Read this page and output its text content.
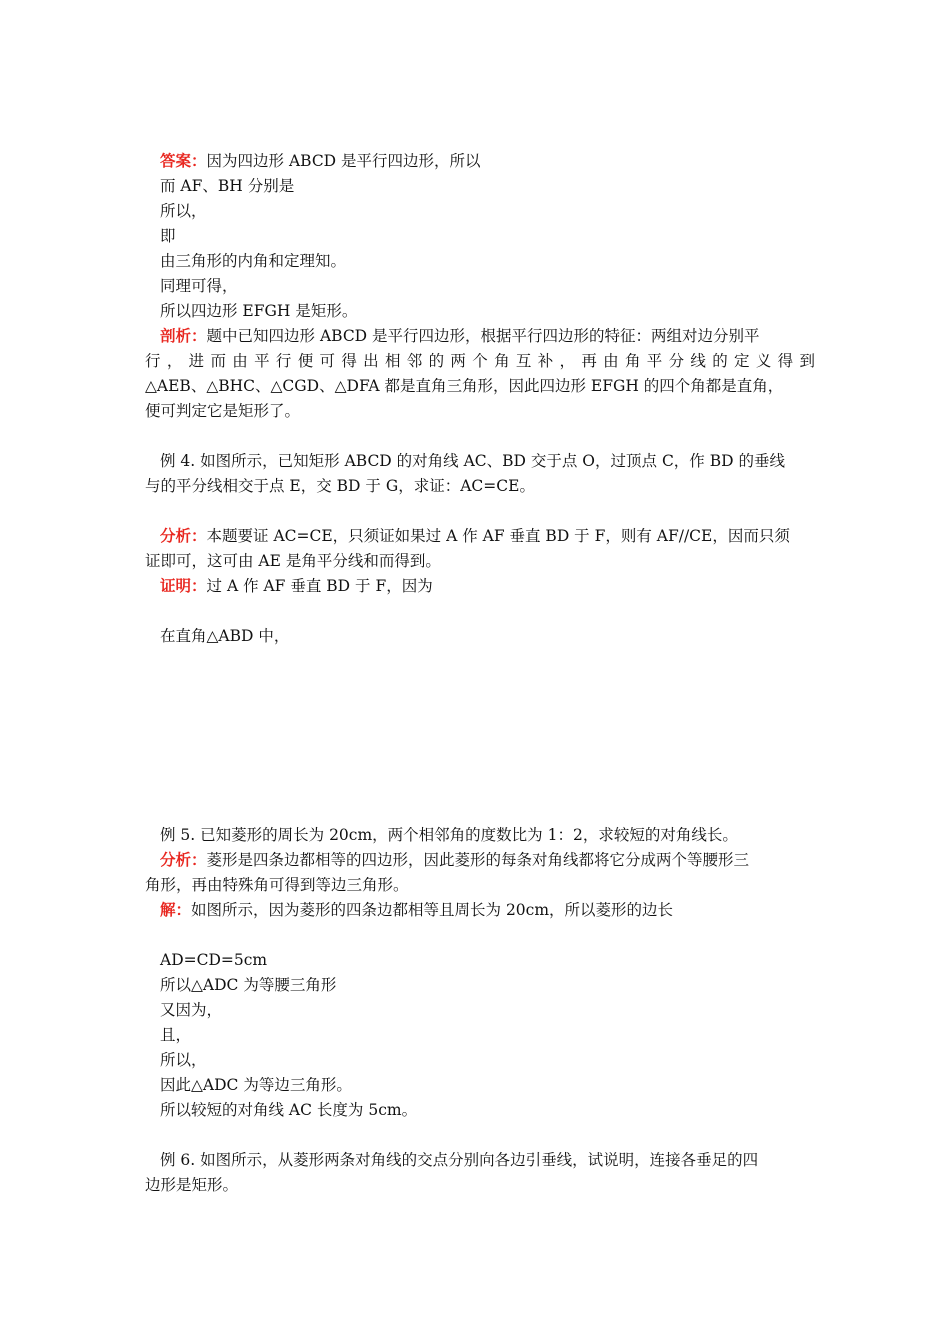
答案：因为四边形 ABCD 是平行四边形，所以
而 AF、BH 分别是
所以，
即
由三角形的内角和定理知。
同理可得，
所以四边形 EFGH 是矩形。
剖析：题中已知四边形 ABCD 是平行四边形，根据平行四边形的特征：两组对边分别平
行 ， 进 而 由 平 行 便 可 得 出 相 邻 的 两 个 角 互 补 ， 再 由 角 平 分 线 的 定 义 得 到
△AEB、△BHC、△CGD、△DFA 都是直角三角形，因此四边形 EFGH 的四个角都是直角，
便可判定它是矩形了。
例 4. 如图所示，已知矩形 ABCD 的对角线 AC、BD 交于点 O，过顶点 C，作 BD 的垂线
与的平分线相交于点 E，交 BD 于 G，求证：AC=CE。
分析：本题要证 AC=CE，只须证如果过 A 作 AF 垂直 BD 于 F，则有 AF//CE，因而只须
证即可，这可由 AE 是角平分线和而得到。
证明：过 A 作 AF 垂直 BD 于 F，因为
在直角△ABD 中，
例 5. 已知菱形的周长为 20cm，两个相邻角的度数比为 1：2，求较短的对角线长。
分析：菱形是四条边都相等的四边形，因此菱形的每条对角线都将它分成两个等腰形三
角形，再由特殊角可得到等边三角形。
解：如图所示，因为菱形的四条边都相等且周长为 20cm，所以菱形的边长
AD=CD=5cm
所以△ADC 为等腰三角形
又因为，
且，
所以，
因此△ADC 为等边三角形。
所以较短的对角线 AC 长度为 5cm。
例 6. 如图所示，从菱形两条对角线的交点分别向各边引垂线，试说明，连接各垂足的四
边形是矩形。
